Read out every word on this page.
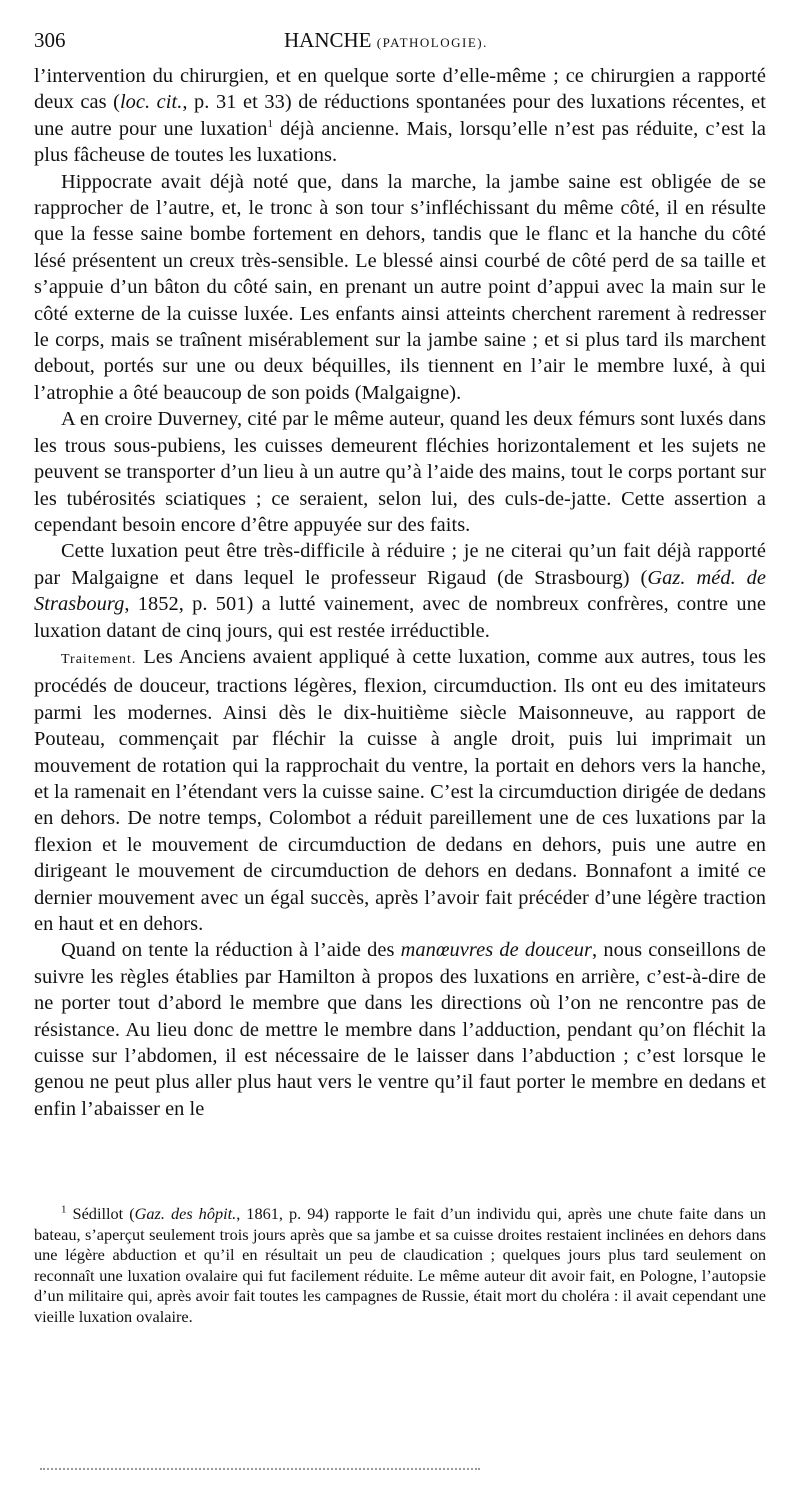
306	HANCHE (PATHOLOGIE).

l’intervention du chirurgien, et en quelque sorte d’elle-même ; ce chirurgien a rapporté deux cas (loc. cit., p. 31 et 33) de réductions spontanées pour des luxations récentes, et une autre pour une luxation$^1$ déjà ancienne. Mais, lorsqu’elle n’est pas réduite, c’est la plus fâcheuse de toutes les luxations.

Hippocrate avait déjà noté que, dans la marche, la jambe saine est obligée de se rapprocher de l’autre, et, le tronc à son tour s’infléchissant du même côté, il en résulte que la fesse saine bombe fortement en dehors, tandis que le flanc et la hanche du côté lésé présentent un creux très-sensible. Le blessé ainsi courbé de côté perd de sa taille et s’appuie d’un bâton du côté sain, en prenant un autre point d’appui avec la main sur le côté externe de la cuisse luxée. Les enfants ainsi atteints cherchent rarement à redresser le corps, mais se traînent misérablement sur la jambe saine ; et si plus tard ils marchent debout, portés sur une ou deux béquilles, ils tiennent en l’air le membre luxé, à qui l’atrophie a ôté beaucoup de son poids (Malgaigne).

A en croire Duverney, cité par le même auteur, quand les deux fémurs sont luxés dans les trous sous-pubiens, les cuisses demeurent fléchies horizontalement et les sujets ne peuvent se transporter d’un lieu à un autre qu’à l’aide des mains, tout le corps portant sur les tubérosités sciatiques ; ce seraient, selon lui, des culs-de-jatte. Cette assertion a cependant besoin encore d’être appuyée sur des faits.

Cette luxation peut être très-difficile à réduire ; je ne citerai qu’un fait déjà rapporté par Malgaigne et dans lequel le professeur Rigaud (de Strasbourg) (Gaz. méd. de Strasbourg, 1852, p. 501) a lutté vainement, avec de nombreux confrères, contre une luxation datant de cinq jours, qui est restée irréductible.

Traitement. Les Anciens avaient appliqué à cette luxation, comme aux autres, tous les procédés de douceur, tractions légères, flexion, circumduction. Ils ont eu des imitateurs parmi les modernes. Ainsi dès le dix-huitième siècle Maisonneuve, au rapport de Pouteau, commençait par fléchir la cuisse à angle droit, puis lui imprimait un mouvement de rotation qui la rapprochait du ventre, la portait en dehors vers la hanche, et la ramenait en l’étendant vers la cuisse saine. C’est la circumduction dirigée de dedans en dehors. De notre temps, Colombot a réduit pareillement une de ces luxations par la flexion et le mouvement de circumduction de dedans en dehors, puis une autre en dirigeant le mouvement de circumduction de dehors en dedans. Bonnafont a imité ce dernier mouvement avec un égal succès, après l’avoir fait précéder d’une légère traction en haut et en dehors.

Quand on tente la réduction à l’aide des manœuvres de douceur, nous conseillons de suivre les règles établies par Hamilton à propos des luxations en arrière, c’est-à-dire de ne porter tout d’abord le membre que dans les directions où l’on ne rencontre pas de résistance. Au lieu donc de mettre le membre dans l’adduction, pendant qu’on fléchit la cuisse sur l’abdomen, il est nécessaire de le laisser dans l’abduction ; c’est lorsque le genou ne peut plus aller plus haut vers le ventre qu’il faut porter le membre en dedans et enfin l’abaisser en le

$^1$ Sédillot (Gaz. des hôpit., 1861, p. 94) rapporte le fait d’un individu qui, après une chute faite dans un bateau, s’aperçut seulement trois jours après que sa jambe et sa cuisse droites restaient inclinées en dehors dans une légère abduction et qu’il en résultait un peu de claudication ; quelques jours plus tard seulement on reconnaît une luxation ovalaire qui fut facilement réduite. Le même auteur dit avoir fait, en Pologne, l’autopsie d’un militaire qui, après avoir fait toutes les campagnes de Russie, était mort du choléra : il avait cependant une vieille luxation ovalaire.
